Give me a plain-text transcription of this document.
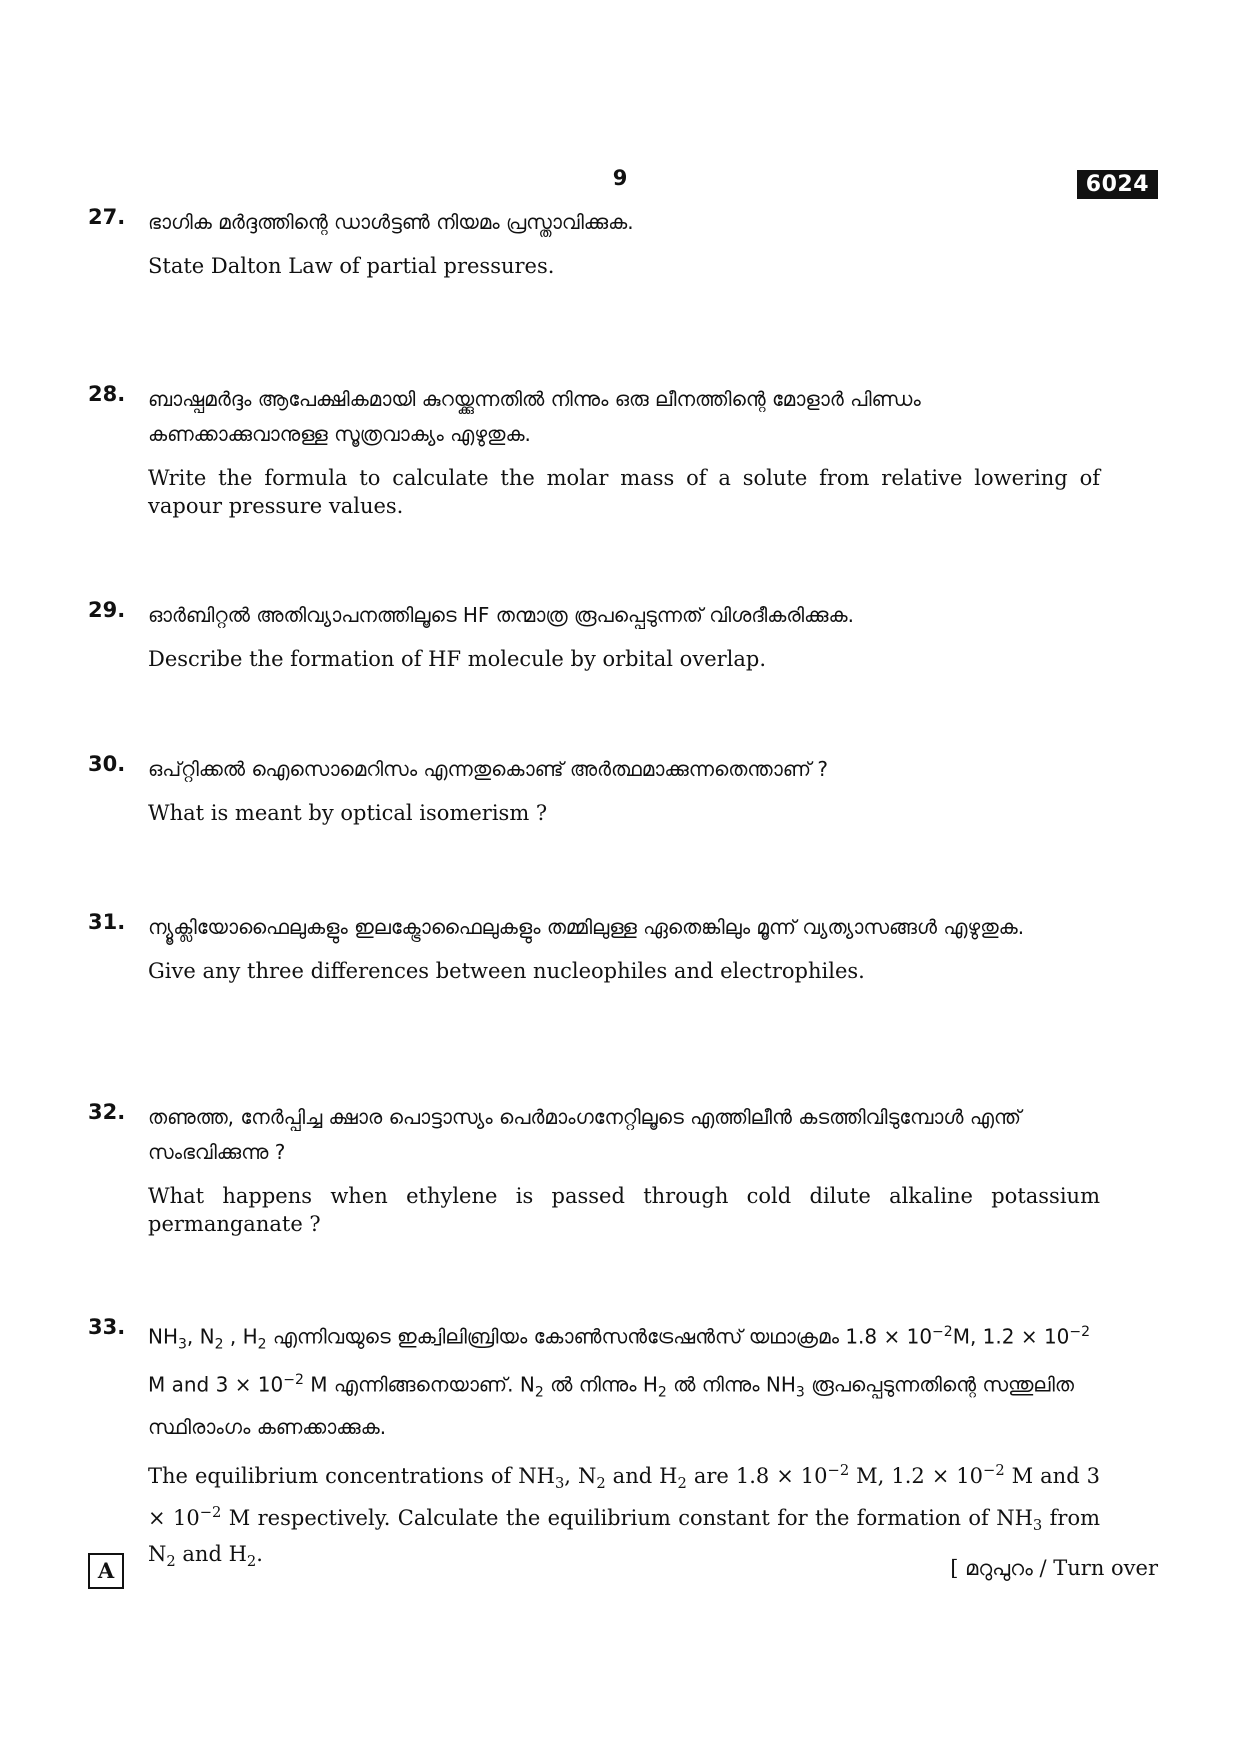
9	6024
27. ഭാഗിക മർദ്ദത്തിന്റെ ഡാൾട്ടൺ നിയമം പ്രസ്താവിക്കുക.
State Dalton Law of partial pressures.
28. ബാഷ്പമർദ്ദം ആപേക്ഷികമായി കുറയ്ക്കുന്നതിൽ നിന്നും ഒരു ലീനത്തിന്റെ മോളാർ പിണ്ഡം കണക്കാക്കുവാനുള്ള സൂത്രവാക്യം എഴുതുക.
Write the formula to calculate the molar mass of a solute from relative lowering of vapour pressure values.
29. ഓർബിറ്റൽ അതിവ്യാപനത്തിലൂടെ HF തന്മാത്ര രൂപപ്പെടുന്നത് വിശദീകരിക്കുക.
Describe the formation of HF molecule by orbital overlap.
30. ഒപ്റ്റിക്കൽ ഐസൊമെറിസം എന്നതുകൊണ്ട് അർത്ഥമാക്കുന്നതെന്താണ് ?
What is meant by optical isomerism ?
31. ന്യൂക്ലിയോഫൈലുകളും ഇലക്ട്രോഫൈലുകളും തമ്മിലുള്ള ഏതെങ്കിലും മൂന്ന് വ്യത്യാസങ്ങൾ എഴുതുക.
Give any three differences between nucleophiles and electrophiles.
32. തണുത്ത, നേർപ്പിച്ച ക്ഷാര പൊട്ടാസ്യം പെർമാംഗനേറ്റിലൂടെ എത്തിലീൻ കടത്തിവിടുമ്പോൾ എന്ത് സംഭവിക്കുന്നു ?
What happens when ethylene is passed through cold dilute alkaline potassium permanganate ?
33. $NH_3$, $N_2$ , $H_2$ എന്നിവയുടെ ഇക്വിലിബ്രിയം കോൺസൻട്രേഷൻസ് യഥാക്രമം $1.8 \times 10^{-2}M$, $1.2 \times 10^{-2}$ M and $3 \times 10^{-2}$ M എന്നിങ്ങനെയാണ്. $N_2$ ൽ നിന്നും $H_2$ ൽ നിന്നും $NH_3$ രൂപപ്പെടുന്നതിന്റെ സന്തുലിത സ്ഥിരാംഗം കണക്കാക്കുക.
The equilibrium concentrations of $NH_3$, $N_2$ and $H_2$ are $1.8 \times 10^{-2}$ M, $1.2 \times 10^{-2}$ M and $3 \times 10^{-2}$ M respectively. Calculate the equilibrium constant for the formation of $NH_3$ from $N_2$ and $H_2$.
A	[ മറുപുറം / Turn over
